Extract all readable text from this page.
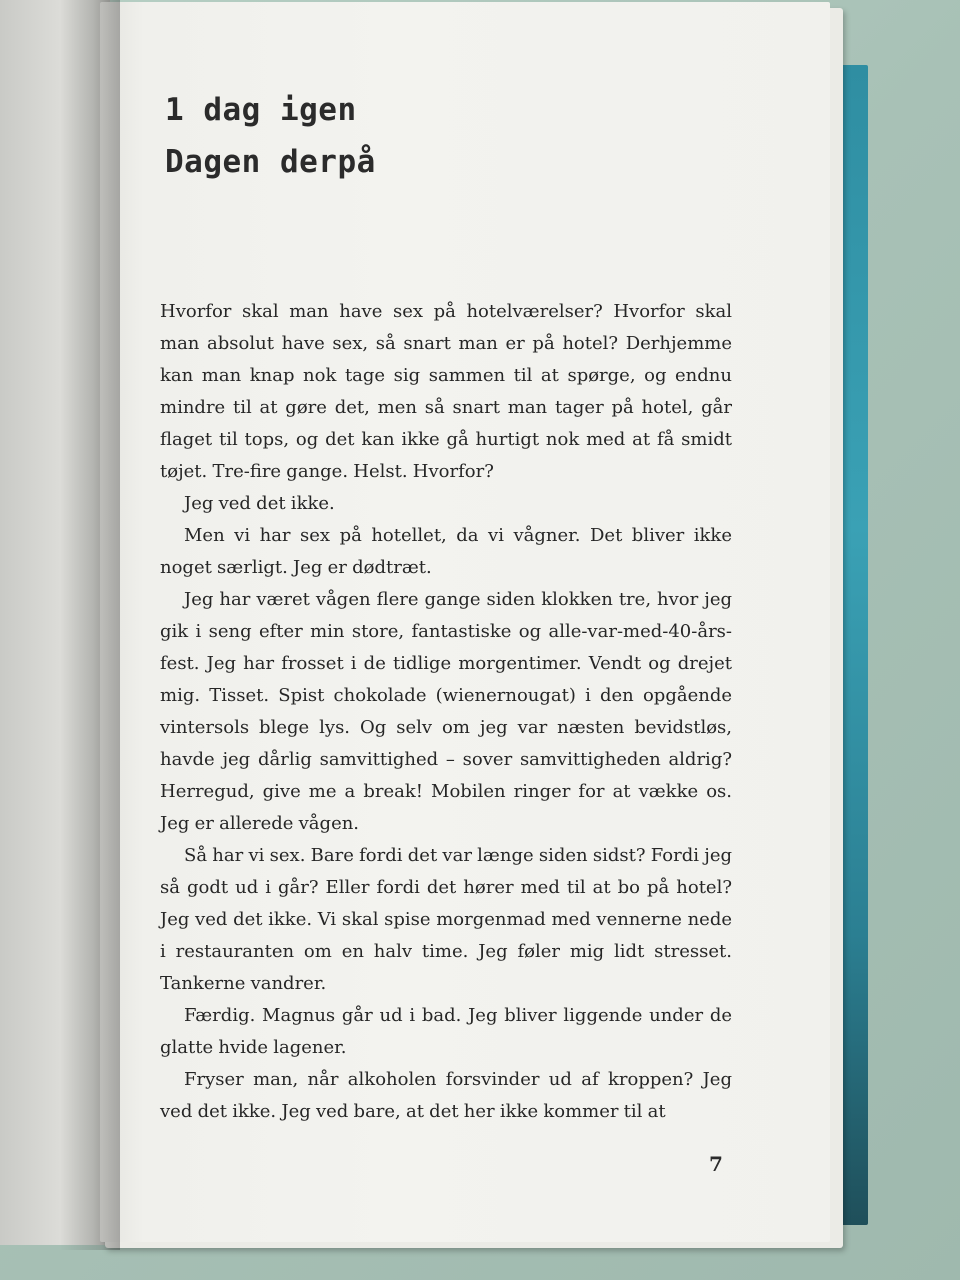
1 dag igen
Dagen derpå

Hvorfor skal man have sex på hotelværelser? Hvorfor skal man absolut have sex, så snart man er på hotel? Derhjemme kan man knap nok tage sig sammen til at spørge, og endnu mindre til at gøre det, men så snart man tager på hotel, går flaget til tops, og det kan ikke gå hurtigt nok med at få smidt tøjet. Tre-fire gange. Helst. Hvorfor?

Jeg ved det ikke.

Men vi har sex på hotellet, da vi vågner. Det bliver ikke noget særligt. Jeg er dødtræt.

Jeg har været vågen flere gange siden klokken tre, hvor jeg gik i seng efter min store, fantastiske og alle-var-med-40-års-fest. Jeg har frosset i de tidlige morgentimer. Vendt og drejet mig. Tisset. Spist chokolade (wienernougat) i den opgående vintersols blege lys. Og selv om jeg var næsten bevidstløs, havde jeg dårlig samvittighed – sover samvittigheden aldrig? Herregud, give me a break! Mobilen ringer for at vække os. Jeg er allerede vågen.

Så har vi sex. Bare fordi det var længe siden sidst? Fordi jeg så godt ud i går? Eller fordi det hører med til at bo på hotel? Jeg ved det ikke. Vi skal spise morgenmad med vennerne nede i restauranten om en halv time. Jeg føler mig lidt stresset. Tankerne vandrer.

Færdig. Magnus går ud i bad. Jeg bliver liggende under de glatte hvide lagener.

Fryser man, når alkoholen forsvinder ud af kroppen? Jeg ved det ikke. Jeg ved bare, at det her ikke kommer til at

7
